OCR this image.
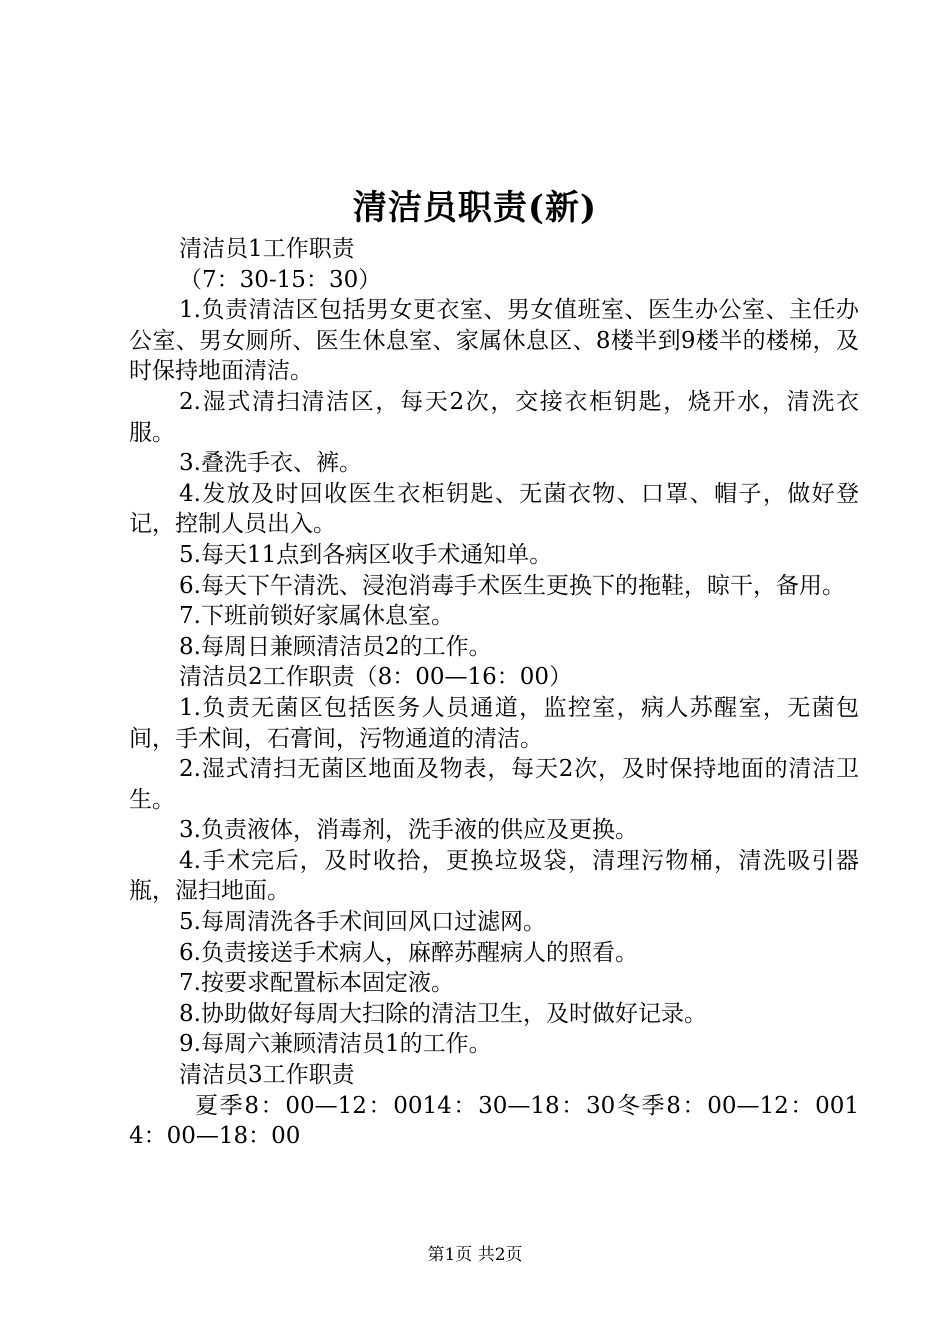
清洁员职责(新)

清洁员1工作职责

（7：30-15：30）

1.负责清洁区包括男女更衣室、男女值班室、医生办公室、主任办公室、男女厕所、医生休息室、家属休息区、8楼半到9楼半的楼梯，及时保持地面清洁。

2.湿式清扫清洁区，每天2次，交接衣柜钥匙，烧开水，清洗衣服。

3.叠洗手衣、裤。

4.发放及时回收医生衣柜钥匙、无菌衣物、口罩、帽子，做好登记，控制人员出入。

5.每天11点到各病区收手术通知单。

6.每天下午清洗、浸泡消毒手术医生更换下的拖鞋，晾干，备用。

7.下班前锁好家属休息室。

8.每周日兼顾清洁员2的工作。

清洁员2工作职责（8：00—16：00）

1.负责无菌区包括医务人员通道，监控室，病人苏醒室，无菌包间，手术间，石膏间，污物通道的清洁。

2.湿式清扫无菌区地面及物表，每天2次，及时保持地面的清洁卫生。

3.负责液体，消毒剂，洗手液的供应及更换。

4.手术完后，及时收拾，更换垃圾袋，清理污物桶，清洗吸引器瓶，湿扫地面。

5.每周清洗各手术间回风口过滤网。

6.负责接送手术病人，麻醉苏醒病人的照看。

7.按要求配置标本固定液。

8.协助做好每周大扫除的清洁卫生，及时做好记录。

9.每周六兼顾清洁员1的工作。

清洁员3工作职责

夏季8：00—12：0014：30—18：30冬季8：00—12：0014：00—18：00

第1页 共2页
